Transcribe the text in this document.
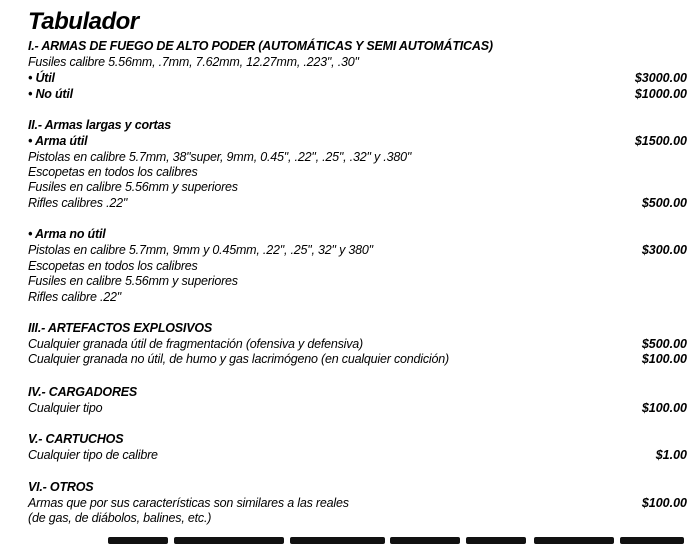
Tabulador
I.- ARMAS DE FUEGO DE ALTO PODER (AUTOMÁTICAS Y SEMI AUTOMÁTICAS)
Fusiles calibre 5.56mm, .7mm, 7.62mm, 12.27mm, .223", .30"
• Útil	$3000.00
• No útil	$1000.00
II.- Armas largas y cortas
• Arma útil	$1500.00
Pistolas en calibre 5.7mm, 38"super, 9mm, 0.45", .22", .25", .32" y .380"
Escopetas en todos los calibres
Fusiles en calibre 5.56mm y superiores
Rifles calibres .22"	$500.00
• Arma no útil
Pistolas en calibre 5.7mm, 9mm y 0.45mm, .22", .25", 32" y 380"	$300.00
Escopetas en todos los calibres
Fusiles en calibre 5.56mm y superiores
Rifles calibre .22"
III.- ARTEFACTOS EXPLOSIVOS
Cualquier granada útil de fragmentación (ofensiva y defensiva)	$500.00
Cualquier granada no útil, de humo y gas lacrimógeno (en cualquier condición)	$100.00
IV.- CARGADORES
Cualquier tipo	$100.00
V.- CARTUCHOS
Cualquier tipo de calibre	$1.00
VI.- OTROS
Armas que por sus características son similares a las reales	$100.00
(de gas, de diábolos, balines, etc.)
